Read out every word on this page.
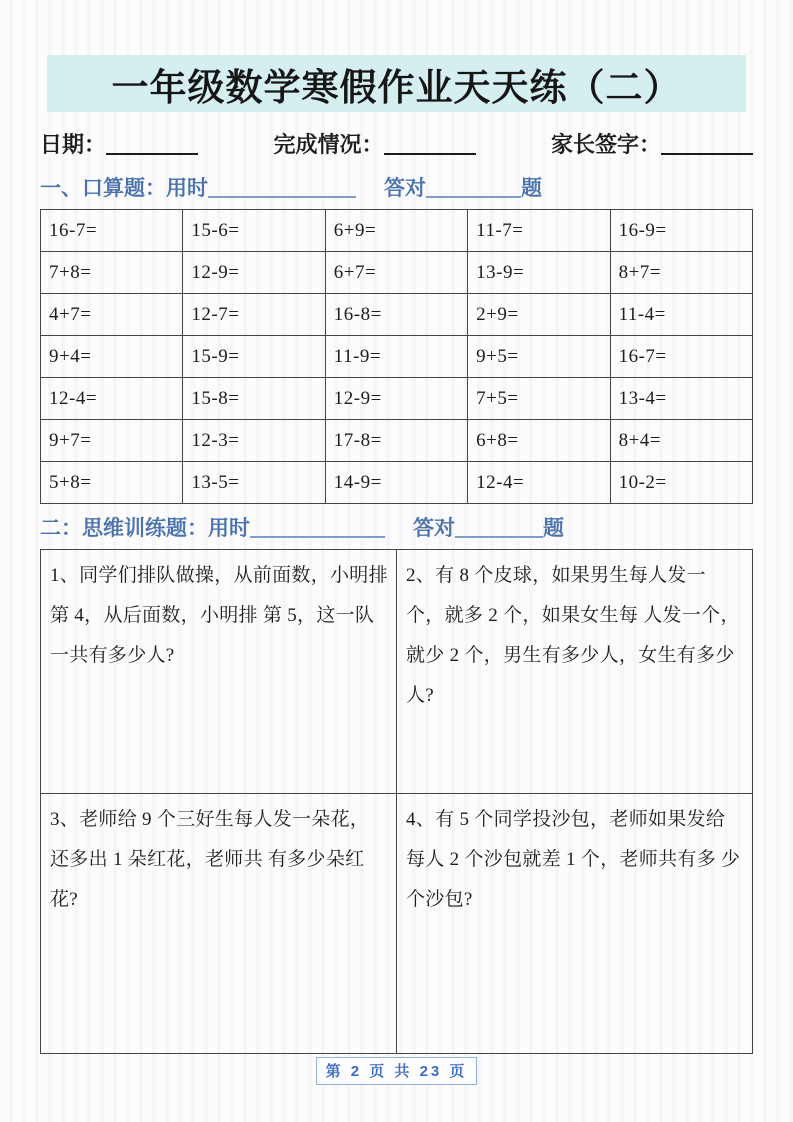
一年级数学寒假作业天天练（二）
日期：	完成情况：	家长签字：
一、口算题：用时	答对	题
16-7=	15-6=	6+9=	11-7=	16-9=
7+8=	12-9=	6+7=	13-9=	8+7=
4+7=	12-7=	16-8=	2+9=	11-4=
9+4=	15-9=	11-9=	9+5=	16-7=
12-4=	15-8=	12-9=	7+5=	13-4=
9+7=	12-3=	17-8=	6+8=	8+4=
5+8=	13-5=	14-9=	12-4=	10-2=
二：思维训练题：用时	答对	题
1、同学们排队做操，从前面数，小明排 第 4，从后面数，小明排 第 5，这一队 一共有多少人?	2、有 8 个皮球，如果男生每人发一个，就多 2 个，如果女生每 人发一个，就少 2 个，男生有多少人，女生有多少 人?
3、老师给 9 个三好生每人发一朵花，还多出 1 朵红花，老师共 有多少朵红 花?	4、有 5 个同学投沙包，老师如果发给 每人 2 个沙包就差 1 个，老师共有多 少个沙包?
第 2 页 共 23 页
